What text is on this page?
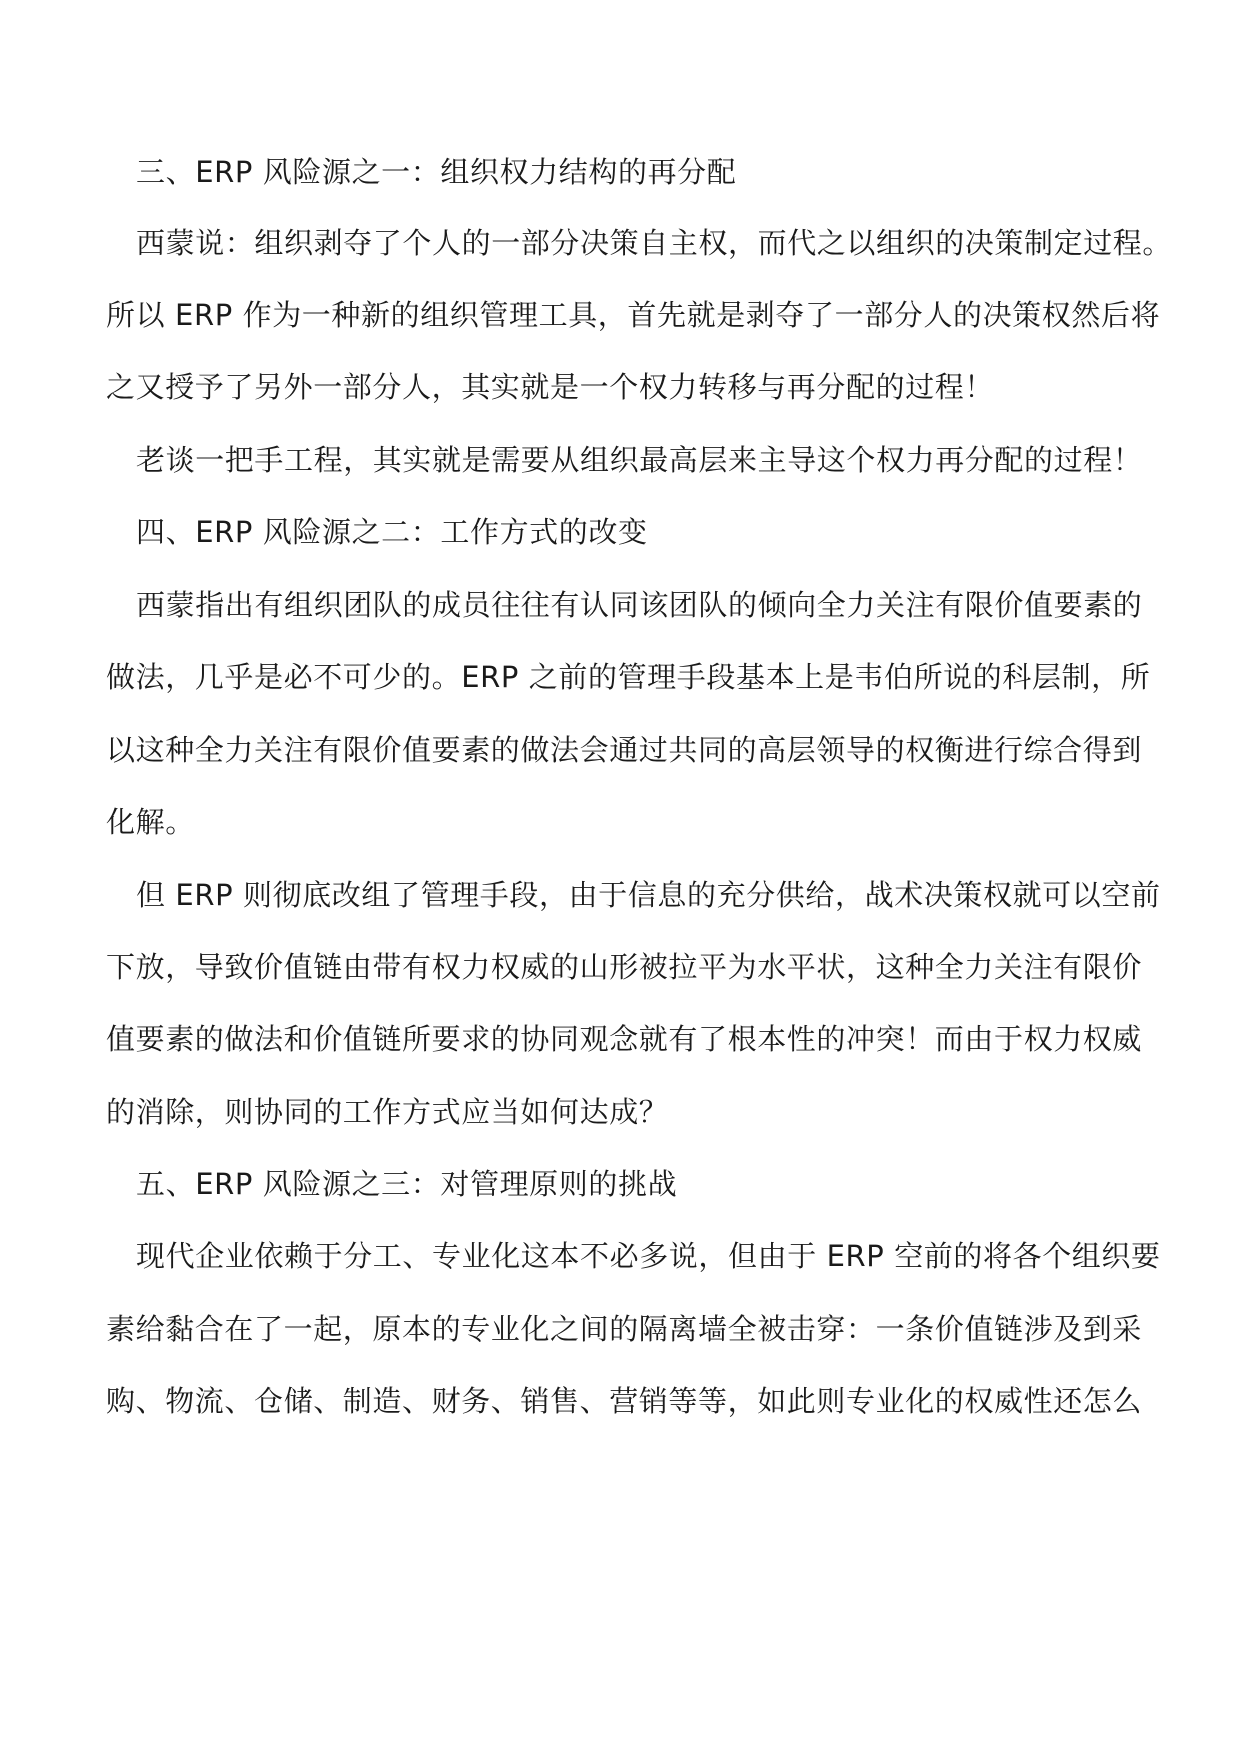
三、ERP 风险源之一：组织权力结构的再分配
西蒙说：组织剥夺了个人的一部分决策自主权，而代之以组织的决策制定过程。
所以 ERP 作为一种新的组织管理工具，首先就是剥夺了一部分人的决策权然后将
之又授予了另外一部分人，其实就是一个权力转移与再分配的过程！
老谈一把手工程，其实就是需要从组织最高层来主导这个权力再分配的过程！
四、ERP 风险源之二：工作方式的改变
西蒙指出有组织团队的成员往往有认同该团队的倾向全力关注有限价值要素的
做法，几乎是必不可少的。ERP 之前的管理手段基本上是韦伯所说的科层制，所
以这种全力关注有限价值要素的做法会通过共同的高层领导的权衡进行综合得到
化解。
但 ERP 则彻底改组了管理手段，由于信息的充分供给，战术决策权就可以空前
下放，导致价值链由带有权力权威的山形被拉平为水平状，这种全力关注有限价
值要素的做法和价值链所要求的协同观念就有了根本性的冲突！而由于权力权威
的消除，则协同的工作方式应当如何达成？
五、ERP 风险源之三：对管理原则的挑战
现代企业依赖于分工、专业化这本不必多说，但由于 ERP 空前的将各个组织要
素给黏合在了一起，原本的专业化之间的隔离墙全被击穿：一条价值链涉及到采
购、物流、仓储、制造、财务、销售、营销等等，如此则专业化的权威性还怎么
